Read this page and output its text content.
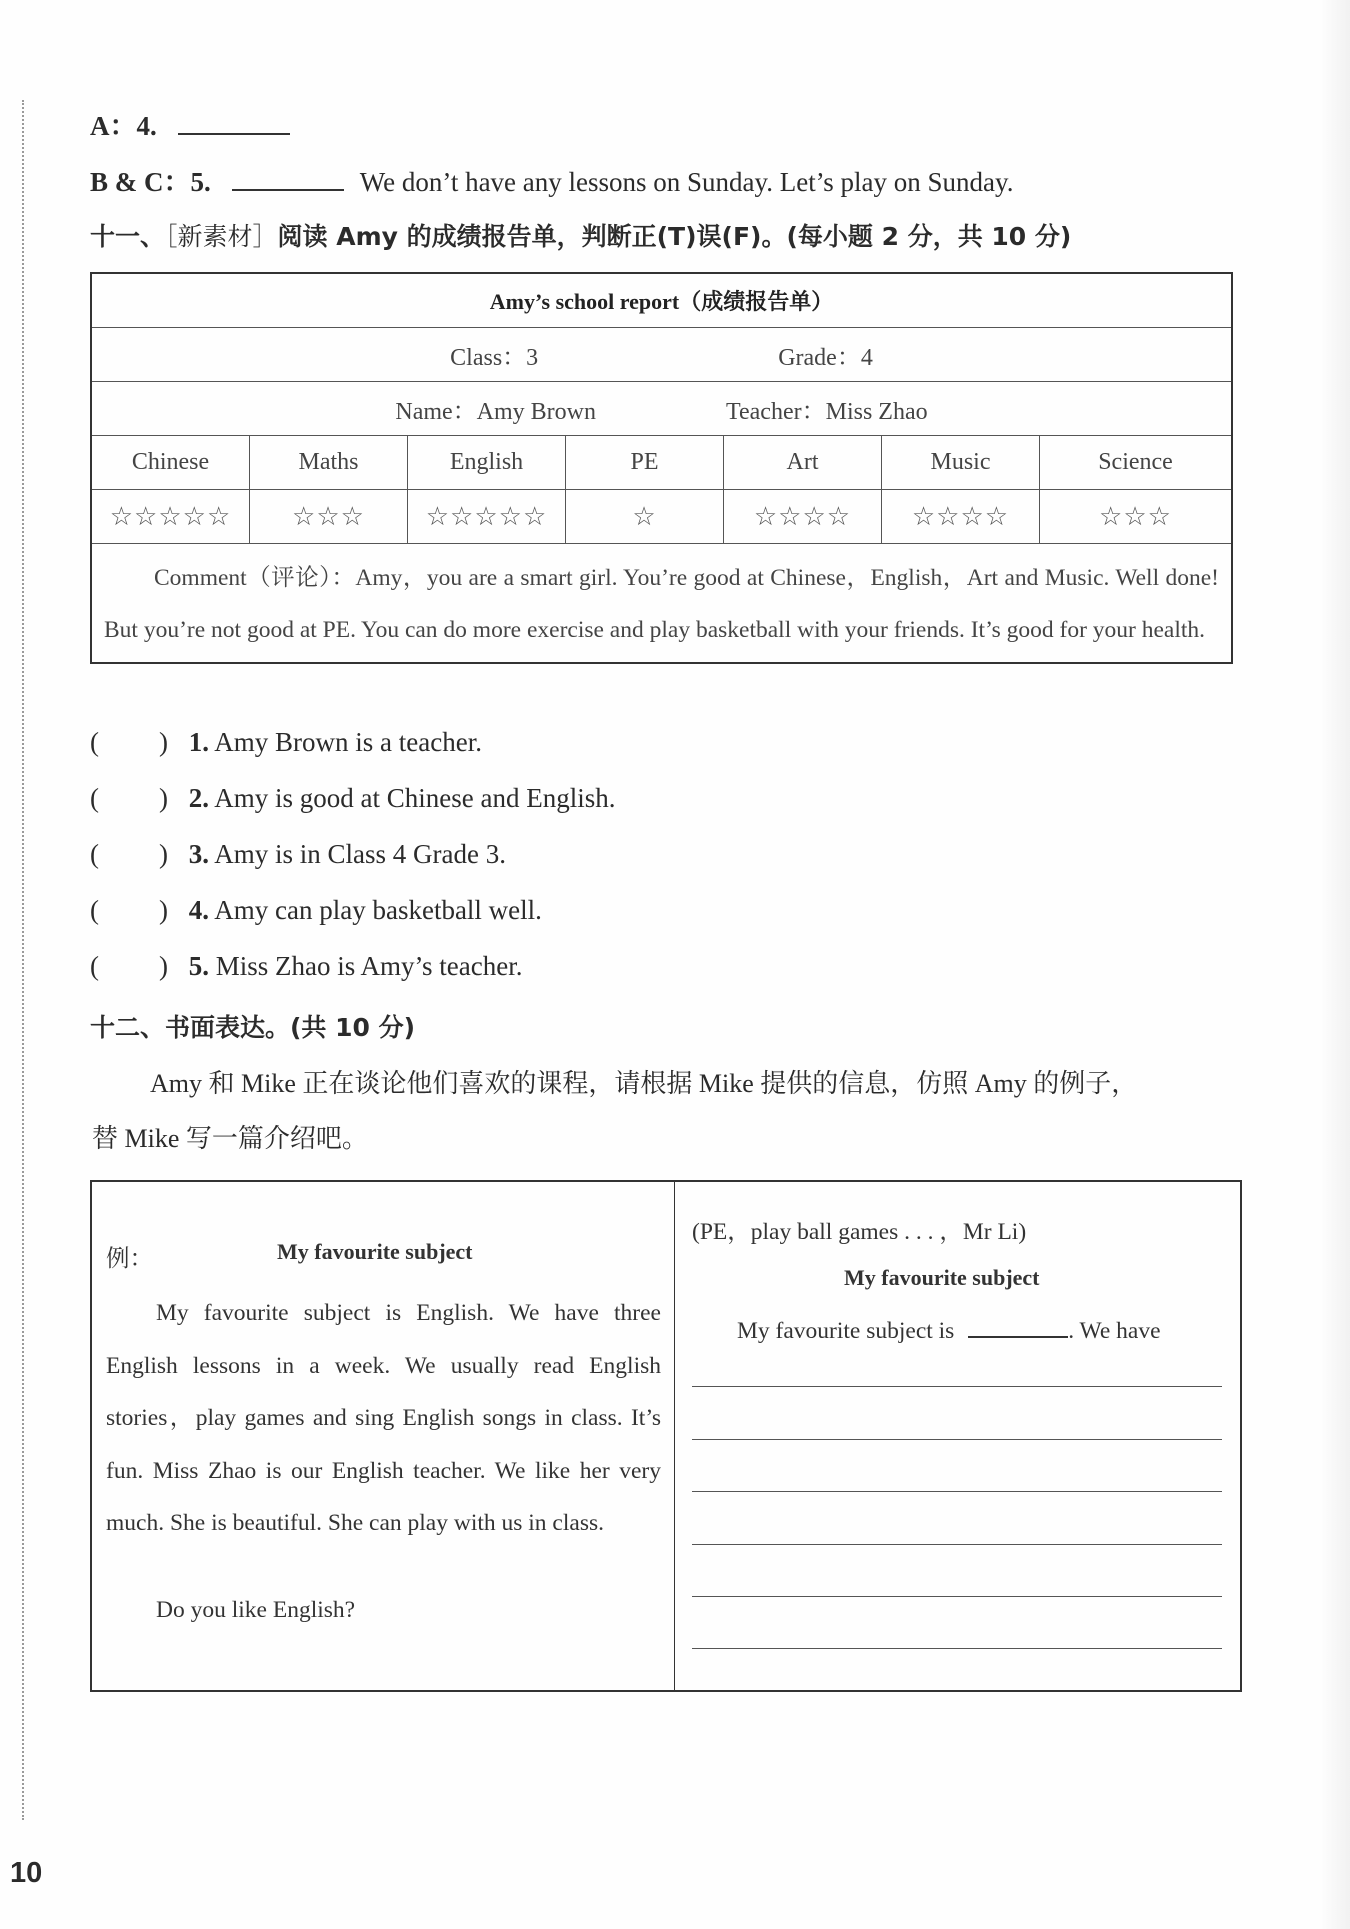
A：4.
B & C：5.	We don’t have any lessons on Sunday. Let’s play on Sunday.
十一、［新素材］阅读 Amy 的成绩报告单，判断正(T)误(F)。(每小题 2 分，共 10 分)
Amy’s school report（成绩报告单）						
Class：3 Grade：4						
Name：Amy Brown Teacher：Miss Zhao						
Chinese	Maths	English	PE	Art	Music	Science
☆☆☆☆☆	☆☆☆	☆☆☆☆☆	☆	☆☆☆☆	☆☆☆☆	☆☆☆
Comment（评论）：Amy，you are a smart girl. You’re good at Chinese，English，Art and Music. Well done! But you’re not good at PE. You can do more exercise and play basketball with your friends. It’s good for your health.						
( ) 1. Amy Brown is a teacher.
( ) 2. Amy is good at Chinese and English.
( ) 3. Amy is in Class 4 Grade 3.
( ) 4. Amy can play basketball well.
( ) 5. Miss Zhao is Amy’s teacher.
十二、书面表达。(共 10 分)
Amy 和 Mike 正在谈论他们喜欢的课程，请根据 Mike 提供的信息，仿照 Amy 的例子，
替 Mike 写一篇介绍吧。
例：	My favourite subject
My favourite subject is English. We have three English lessons in a week. We usually read English stories，play games and sing English songs in class. It’s fun. Miss Zhao is our English teacher. We like her very much. She is beautiful. She can play with us in class.
Do you like English?
(PE，play ball games . . . ，Mr Li)
My favourite subject
My favourite subject is	. We have
10
